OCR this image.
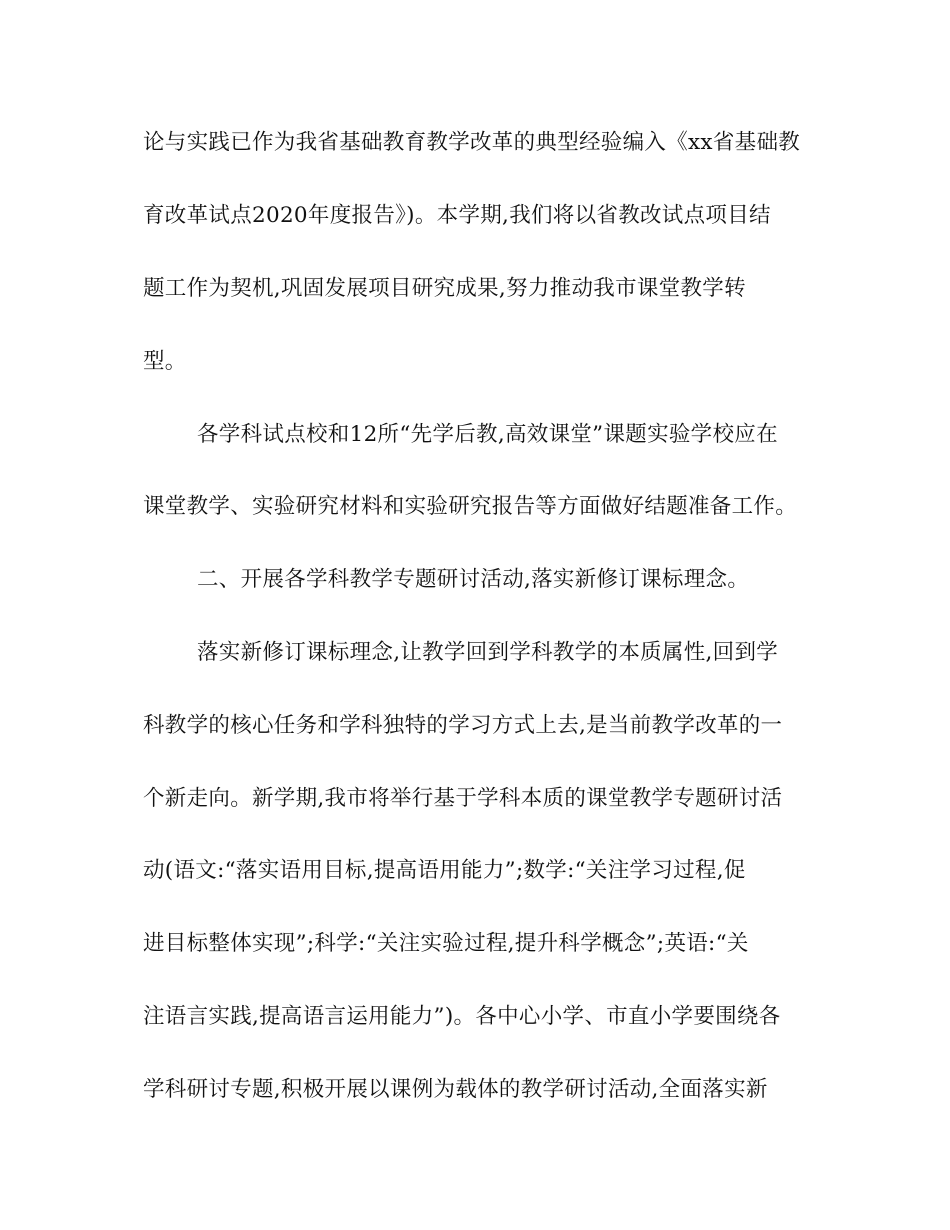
论与实践已作为我省基础教育教学改革的典型经验编入《xx省基础教
育改革试点2020年度报告》)。本学期,我们将以省教改试点项目结
题工作为契机,巩固发展项目研究成果,努力推动我市课堂教学转
型。
各学科试点校和12所“先学后教,高效课堂”课题实验学校应在
课堂教学、实验研究材料和实验研究报告等方面做好结题准备工作。
二、开展各学科教学专题研讨活动,落实新修订课标理念。
落实新修订课标理念,让教学回到学科教学的本质属性,回到学
科教学的核心任务和学科独特的学习方式上去,是当前教学改革的一
个新走向。新学期,我市将举行基于学科本质的课堂教学专题研讨活
动(语文:“落实语用目标,提高语用能力”;数学:“关注学习过程,促
进目标整体实现”;科学:“关注实验过程,提升科学概念”;英语:“关
注语言实践,提高语言运用能力”)。各中心小学、市直小学要围绕各
学科研讨专题,积极开展以课例为载体的教学研讨活动,全面落实新
